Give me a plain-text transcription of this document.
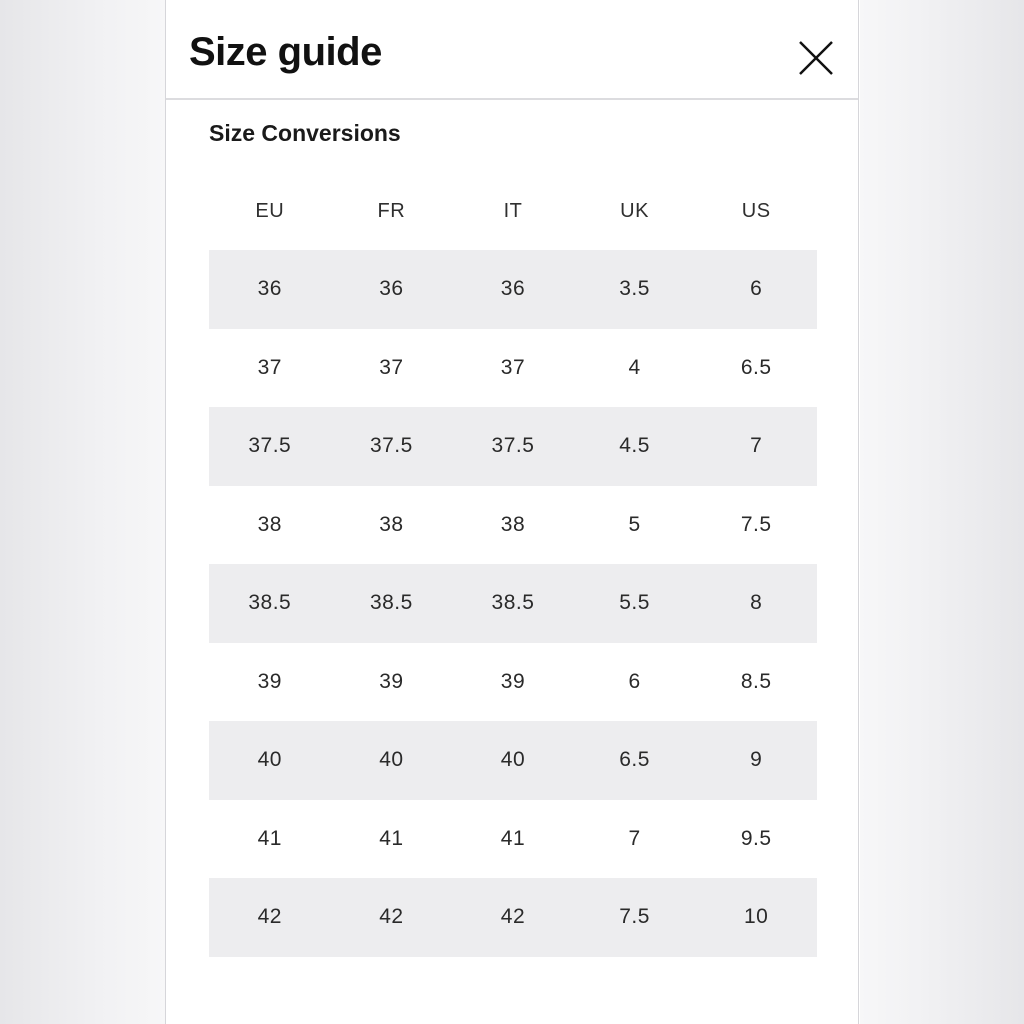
Size guide
Size Conversions
EU	FR	IT	UK	US
36	36	36	3.5	6
37	37	37	4	6.5
37.5	37.5	37.5	4.5	7
38	38	38	5	7.5
38.5	38.5	38.5	5.5	8
39	39	39	6	8.5
40	40	40	6.5	9
41	41	41	7	9.5
42	42	42	7.5	10
